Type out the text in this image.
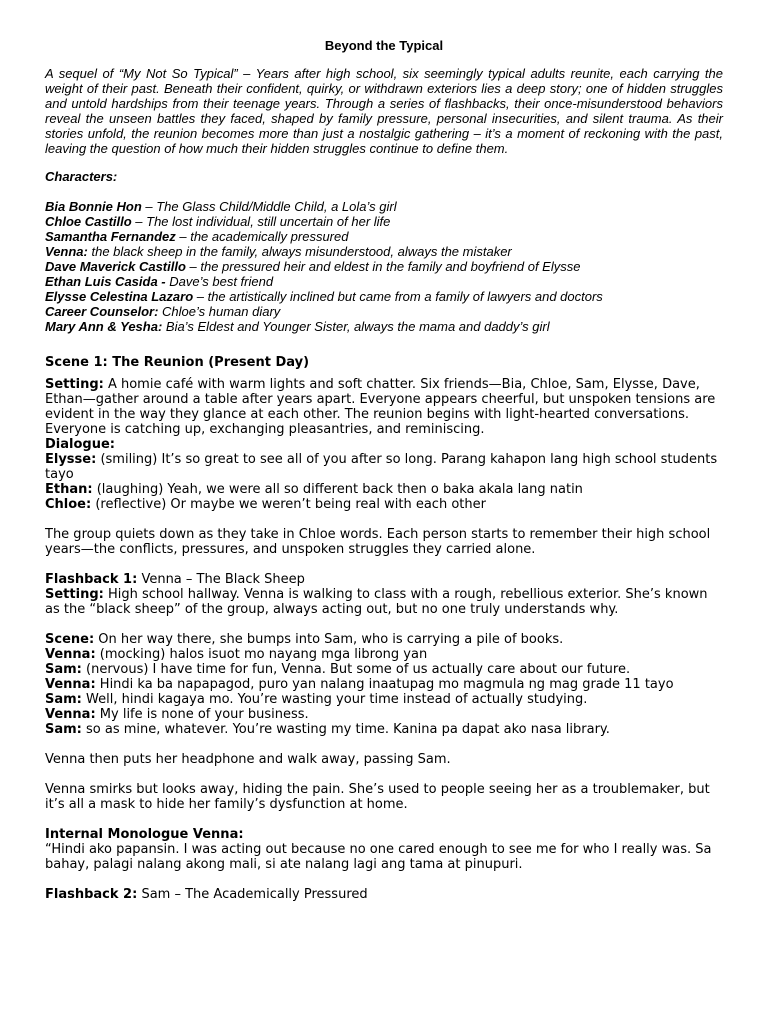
Beyond the Typical
A sequel of “My Not So Typical” – Years after high school, six seemingly typical adults reunite, each carrying the weight of their past. Beneath their confident, quirky, or withdrawn exteriors lies a deep story; one of hidden struggles and untold hardships from their teenage years. Through a series of flashbacks, their once-misunderstood behaviors reveal the unseen battles they faced, shaped by family pressure, personal insecurities, and silent trauma. As their stories unfold, the reunion becomes more than just a nostalgic gathering – it’s a moment of reckoning with the past, leaving the question of how much their hidden struggles continue to define them.
Characters:
Bia Bonnie Hon – The Glass Child/Middle Child, a Lola’s girl
Chloe Castillo – The lost individual, still uncertain of her life
Samantha Fernandez – the academically pressured
Venna: the black sheep in the family, always misunderstood, always the mistaker
Dave Maverick Castillo – the pressured heir and eldest in the family and boyfriend of Elysse
Ethan Luis Casida - Dave’s best friend
Elysse Celestina Lazaro – the artistically inclined but came from a family of lawyers and doctors
Career Counselor: Chloe’s human diary
Mary Ann & Yesha: Bia’s Eldest and Younger Sister, always the mama and daddy’s girl

Scene 1: The Reunion (Present Day)

Setting: A homie café with warm lights and soft chatter. Six friends—Bia, Chloe, Sam, Elysse, Dave, Ethan—gather around a table after years apart. Everyone appears cheerful, but unspoken tensions are evident in the way they glance at each other. The reunion begins with light-hearted conversations. Everyone is catching up, exchanging pleasantries, and reminiscing.

Dialogue:

Elysse: (smiling) It’s so great to see all of you after so long. Parang kahapon lang high school students tayo

Ethan: (laughing) Yeah, we were all so different back then o baka akala lang natin

Chloe: (reflective) Or maybe we weren’t being real with each other

The group quiets down as they take in Chloe words. Each person starts to remember their high school years—the conflicts, pressures, and unspoken struggles they carried alone.

Flashback 1: Venna – The Black Sheep

Setting: High school hallway. Venna is walking to class with a rough, rebellious exterior. She’s known as the “black sheep” of the group, always acting out, but no one truly understands why.

Scene: On her way there, she bumps into Sam, who is carrying a pile of books.

Venna: (mocking) halos isuot mo nayang mga librong yan

Sam: (nervous) I have time for fun, Venna. But some of us actually care about our future.

Venna: Hindi ka ba napapagod, puro yan nalang inaatupag mo magmula ng mag grade 11 tayo

Sam: Well, hindi kagaya mo. You’re wasting your time instead of actually studying.

Venna: My life is none of your business.

Sam: so as mine, whatever. You’re wasting my time. Kanina pa dapat ako nasa library.

Venna then puts her headphone and walk away, passing Sam.

Venna smirks but looks away, hiding the pain. She’s used to people seeing her as a troublemaker, but it’s all a mask to hide her family’s dysfunction at home.

Internal Monologue Venna:

“Hindi ako papansin. I was acting out because no one cared enough to see me for who I really was. Sa bahay, palagi nalang akong mali, si ate nalang lagi ang tama at pinupuri.

Flashback 2: Sam – The Academically Pressured
